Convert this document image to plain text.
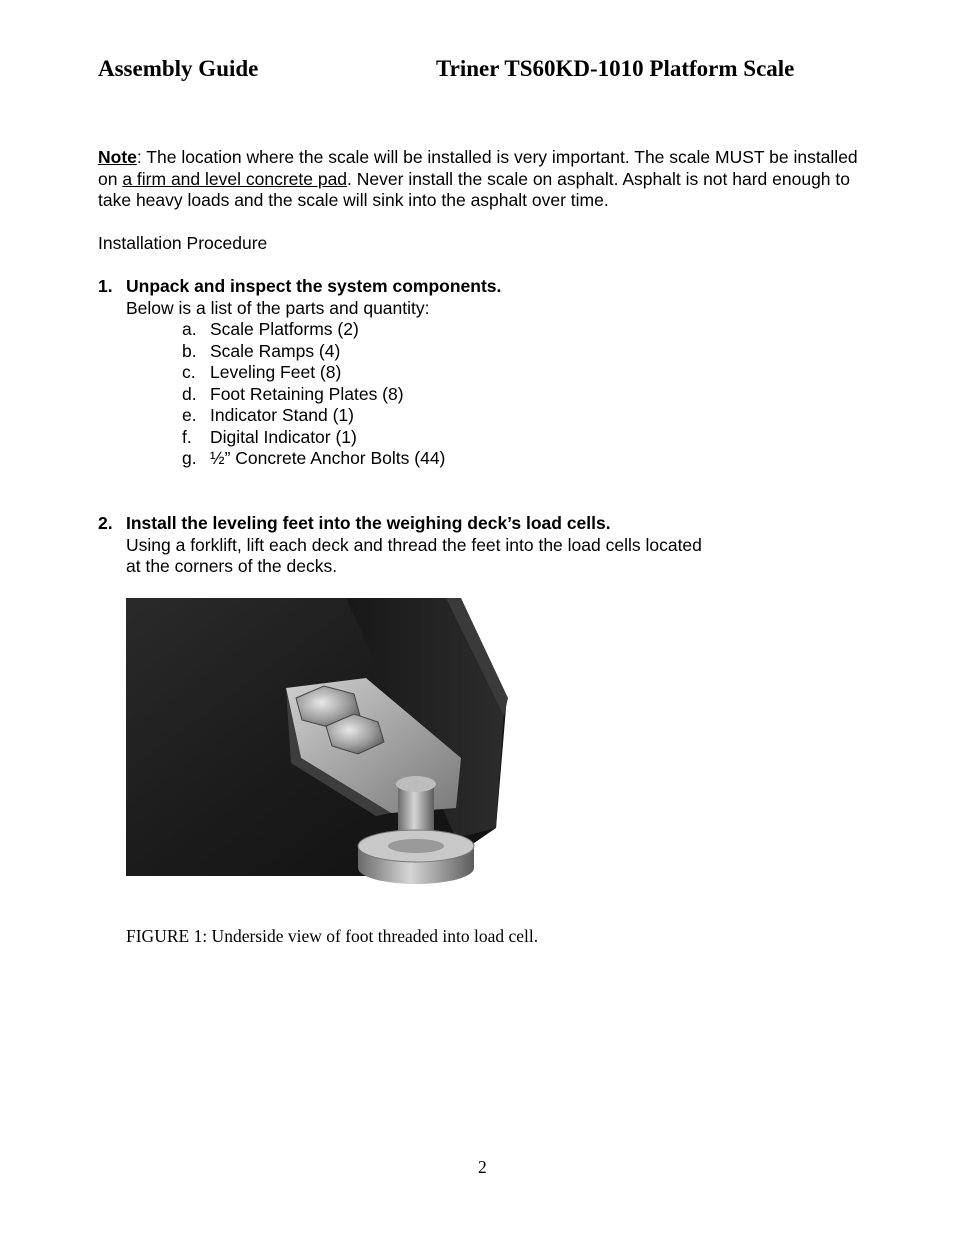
Assembly Guide	Triner TS60KD-1010 Platform Scale
Note: The location where the scale will be installed is very important. The scale MUST be installed on a firm and level concrete pad. Never install the scale on asphalt. Asphalt is not hard enough to take heavy loads and the scale will sink into the asphalt over time.
Installation Procedure
1. Unpack and inspect the system components.
Below is a list of the parts and quantity:
a. Scale Platforms (2)
b. Scale Ramps (4)
c. Leveling Feet (8)
d. Foot Retaining Plates (8)
e. Indicator Stand (1)
f. Digital Indicator (1)
g. ½” Concrete Anchor Bolts (44)
2. Install the leveling feet into the weighing deck’s load cells.
Using a forklift, lift each deck and thread the feet into the load cells located
at the corners of the decks.
FIGURE 1: Underside view of foot threaded into load cell.
2
